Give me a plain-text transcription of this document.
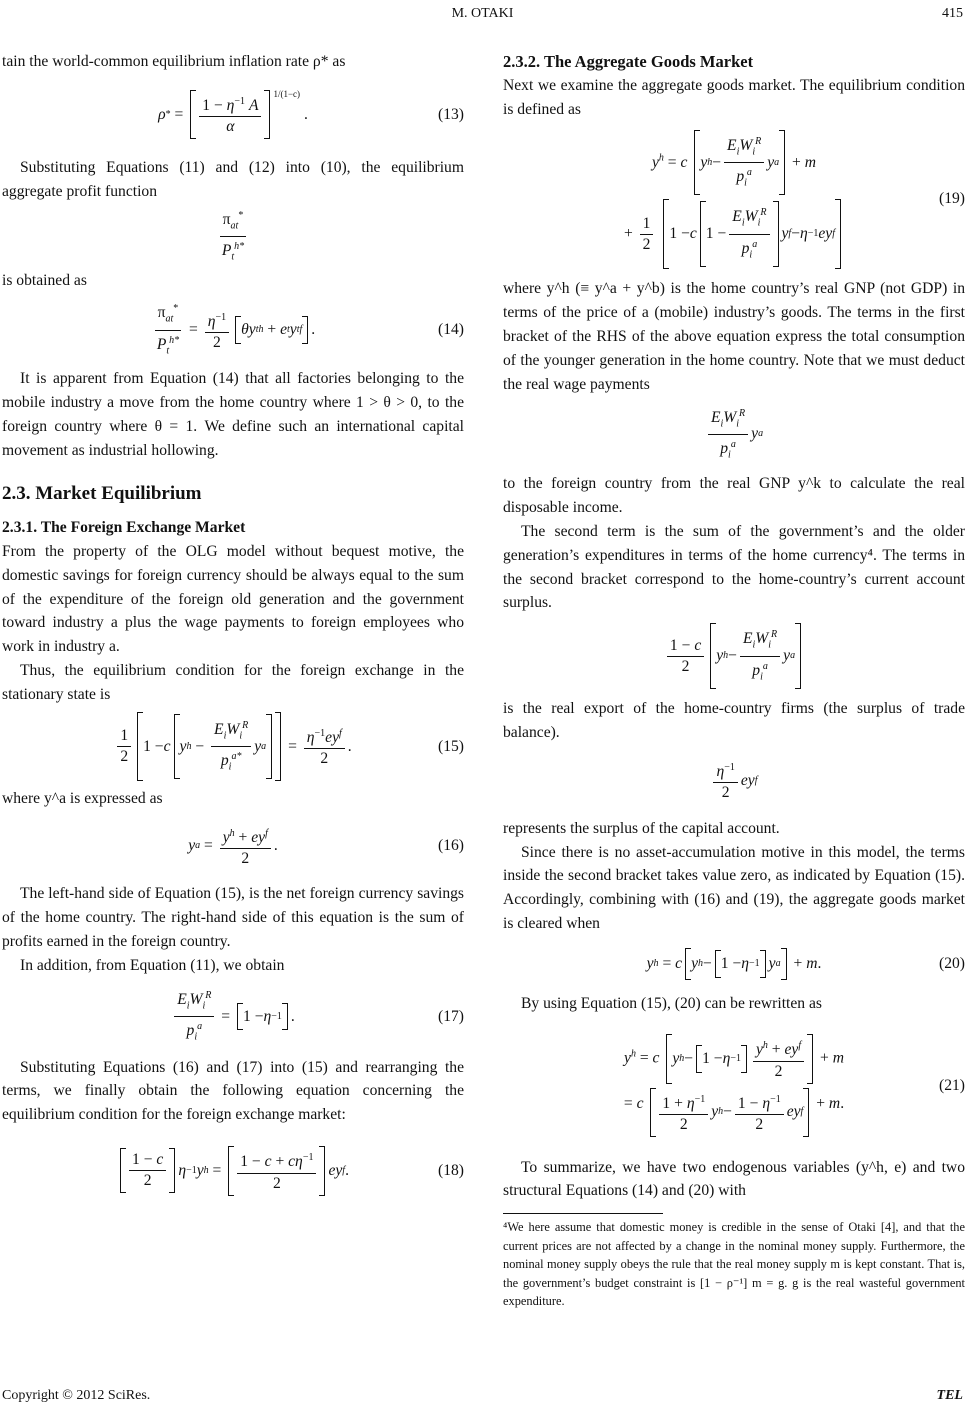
M. OTAKI	415

tain the world-common equilibrium inflation rate ρ* as

ρ * = $\frac{1 - \eta^{-1} A}{\alpha} ^{1/(1-c)}$
.	(13)

Substituting Equations (11) and (12) into (10), the equilibrium aggregate profit function

$\frac{\pi_{at}^*}{P_t^{h*}}$

is obtained as

$\frac{\pi_{at}^*}{P_t^{h*}} = \frac{\eta^{-1}}{2}$ θy t h + e t y t f .	(14)

It is apparent from Equation (14) that all factories belonging to the mobile industry a move from the home country where 1 > θ > 0, to the foreign country where θ = 1. We define such an international capital movement as industrial hollowing.

2.3. Market Equilibrium
2.3.1. The Foreign Exchange Market

From the property of the OLG model without bequest motive, the domestic savings for foreign currency should be always equal to the sum of the expenditure of the foreign old generation and the government toward industry a plus the wage payments to foreign employees who work in industry a.

Thus, the equilibrium condition for the foreign exchange in the stationary state is

$\frac{1}{2} 1 - c$ y $h - \frac{E_iW_i^R}{p_i^{a*}}$ y $a = \frac{\eta^{-1}ey^f}{2}$ .	(15)

where y^a is expressed as

y $a = \frac{y^h + ey^f}{2}$ .	(16)

The left-hand side of Equation (15), is the net foreign currency savings of the home country. The right-hand side of this equation is the sum of profits earned in the foreign country.

In addition, from Equation (11), we obtain

$\frac{E_iW_i^R}{p_i^a} = 1 - \eta -1$ .	(17)

Substituting Equations (16) and (17) into (15) and rearranging the terms, we finally obtain the following equation concerning the equilibrium condition for the foreign exchange market:

$\frac{1 - c}{2}$ η −1 y $h = \frac{1 - c + c\eta^{-1}}{2}$ ey f .	(18)
2.3.2. The Aggregate Goods Market

Next we examine the aggregate goods market. The equilibrium condition is defined as

$y^h = c$ y $h - \frac{E_iW_i^R}{p_i^a}$ y a + m
+ $\frac{1}{2} 1 - c$ $1 - \frac{E_iW_i^R}{p_i^a}$ y f − η −1 ey f
(19)

where y^h (≡ y^a + y^b) is the home country’s real GNP (not GDP) in terms of the price of a (mobile) industry’s goods. The terms in the first bracket of the RHS of the above equation express the total consumption of the younger generation in the home country. Note that we must deduct the real wage payments

$\frac{E_iW_i^R}{p_i^a}$ y a

to the foreign country from the real GNP y^k to calculate the real disposable income.

The second term is the sum of the government’s and the older generation’s expenditures in terms of the home currency⁴. The terms in the second bracket correspond to the home-country’s current account surplus.

$\frac{1 - c}{2}$ y $h - \frac{E_iW_i^R}{p_i^a}$ y a

is the real export of the home-country firms (the surplus of trade balance).

$\frac{\eta^{-1}}{2}$ ey f

represents the surplus of the capital account.

Since there is no asset-accumulation motive in this model, the terms inside the second bracket takes value zero, as indicated by Equation (15). Accordingly, combining with (16) and (19), the aggregate goods market is cleared when

y h = c y h − 1 − η −1 y a + m .	(20)

By using Equation (15), (20) can be rewritten as

$y^h = c$ y $h - 1 - \eta -1 \frac{y^h + ey^f}{2} + m$
= c $\frac{1 + \eta^{-1}}{2}$ y $h - \frac{1 - \eta^{-1}}{2}$ ey f + m.
(21)

To summarize, we have two endogenous variables (y^h, e) and two structural Equations (14) and (20) with

⁴We here assume that domestic money is credible in the sense of Otaki [4], and that the current prices are not affected by a change in the nominal money supply. Furthermore, the nominal money supply obeys the rule that the real money supply m is kept constant. That is, the government’s budget constraint is [1 − ρ⁻¹] m = g. g is the real wasteful government expenditure.

Copyright © 2012 SciRes.	TEL
